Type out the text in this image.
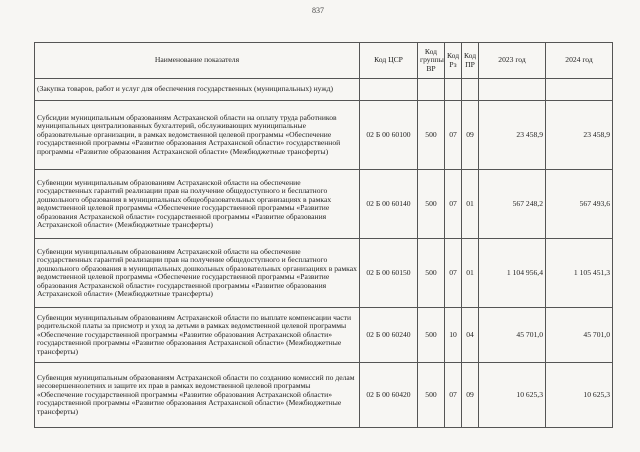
837
Наименование показателя	Код ЦСР	Код группы ВР	Код Рз	Код ПР	2023 год	2024 год
(Закупка товаров, работ и услуг для обеспечения государственных (муниципальных) нужд)						
Субсидии муниципальным образованиям Астраханской области на оплату труда работников муниципальных централизованных бухгалтерий, обслуживающих муниципальные образовательные организации, в рамках ведомственной целевой программы «Обеспечение государственной программы «Развитие образования Астраханской области» государственной программы «Развитие образования Астраханской области» (Межбюджетные трансферты)	02 Б 00 60100	500	07	09	23 458,9	23 458,9
Субвенции муниципальным образованиям Астраханской области на обеспечение государственных гарантий реализации прав на получение общедоступного и бесплатного дошкольного образования в муниципальных общеобразовательных организациях в рамках ведомственной целевой программы «Обеспечение государственной программы «Развитие образования Астраханской области» государственной программы «Развитие образования Астраханской области» (Межбюджетные трансферты)	02 Б 00 60140	500	07	01	567 248,2	567 493,6
Субвенции муниципальным образованиям Астраханской области на обеспечение государственных гарантий реализации прав на получение общедоступного и бесплатного дошкольного образования в муниципальных дошкольных образовательных организациях в рамках ведомственной целевой программы «Обеспечение государственной программы «Развитие образования Астраханской области» государственной программы «Развитие образования Астраханской области» (Межбюджетные трансферты)	02 Б 00 60150	500	07	01	1 104 956,4	1 105 451,3
Субвенции муниципальным образованиям Астраханской области по выплате компенсации части родительской платы за присмотр и уход за детьми в рамках ведомственной целевой программы «Обеспечение государственной программы «Развитие образования Астраханской области» государственной программы «Развитие образования Астраханской области» (Межбюджетные трансферты)	02 Б 00 60240	500	10	04	45 701,0	45 701,0
Субвенция муниципальным образованиям Астраханской области по созданию комиссий по делам несовершеннолетних и защите их прав в рамках ведомственной целевой программы «Обеспечение государственной программы «Развитие образования Астраханской области» государственной программы «Развитие образования Астраханской области» (Межбюджетные трансферты)	02 Б 00 60420	500	07	09	10 625,3	10 625,3
